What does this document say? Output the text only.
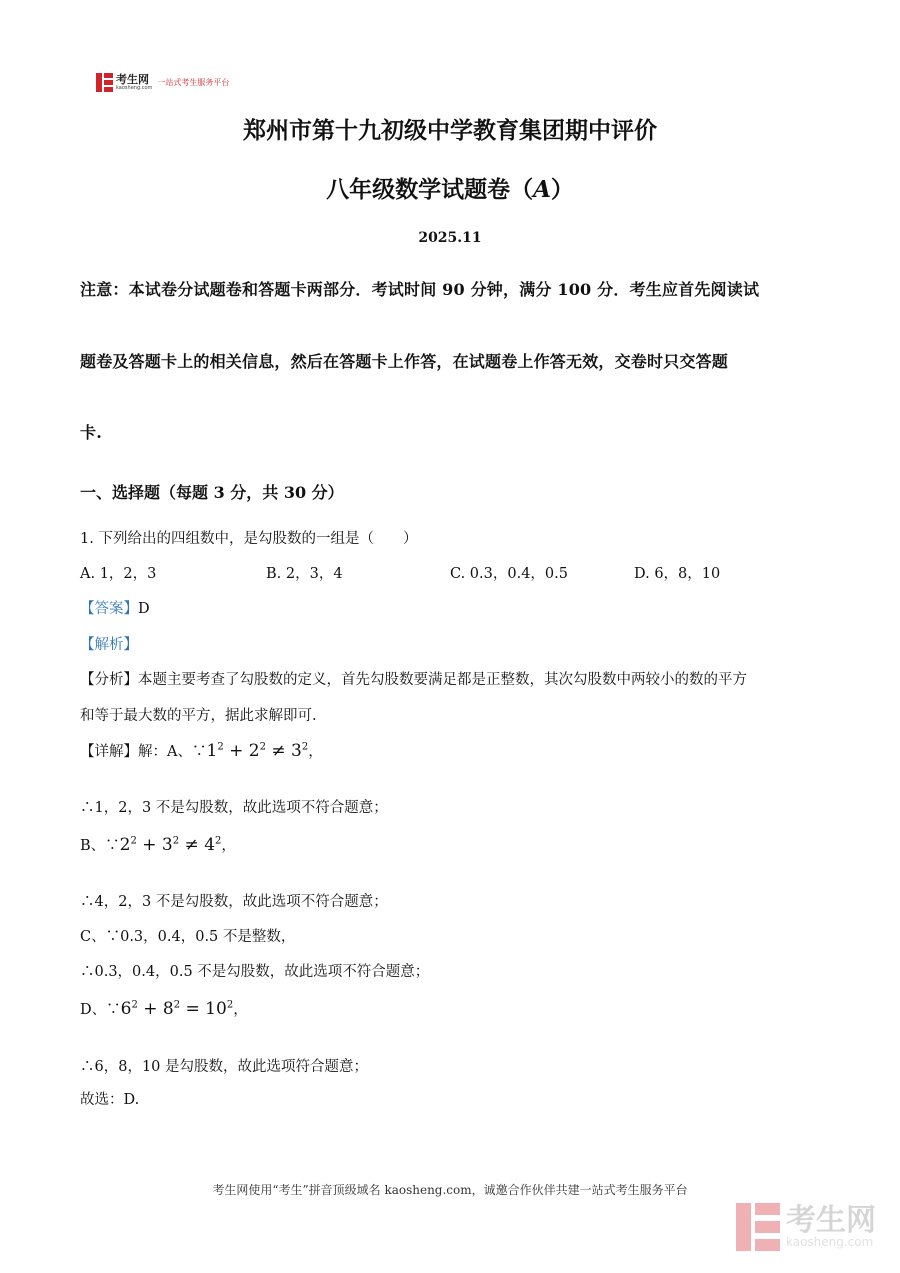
考生网
kaosheng.com
一站式考生服务平台
郑州市第十九初级中学教育集团期中评价
八年级数学试题卷（A）
2025.11
注意：本试卷分试题卷和答题卡两部分．考试时间 90 分钟，满分 100 分．考生应首先阅读试
题卷及答题卡上的相关信息，然后在答题卡上作答，在试题卷上作答无效，交卷时只交答题
卡.
一、选择题（每题 3 分，共 30 分）
1. 下列给出的四组数中，是勾股数的一组是（　　）
A. 1，2，3	B. 2，3，4	C. 0.3，0.4，0.5	D. 6，8，10
【答案】D
【解析】
【分析】本题主要考查了勾股数的定义，首先勾股数要满足都是正整数，其次勾股数中两较小的数的平方
和等于最大数的平方，据此求解即可.
【详解】解：A、$\because 1^2 + 2^2 \ne 3^2$，
∴1，2，3 不是勾股数，故此选项不符合题意；
B、$\because 2^2 + 3^2 \ne 4^2$，
∴4，2，3 不是勾股数，故此选项不符合题意；
C、∵0.3，0.4，0.5 不是整数，
∴0.3，0.4，0.5 不是勾股数，故此选项不符合题意；
D、$\because 6^2 + 8^2 = 10^2$，
∴6，8，10 是勾股数，故此选项符合题意；
故选：D.
考生网使用“考生”拼音顶级域名 kaosheng.com，诚邀合作伙伴共建一站式考生服务平台
考生网
kaosheng.com
